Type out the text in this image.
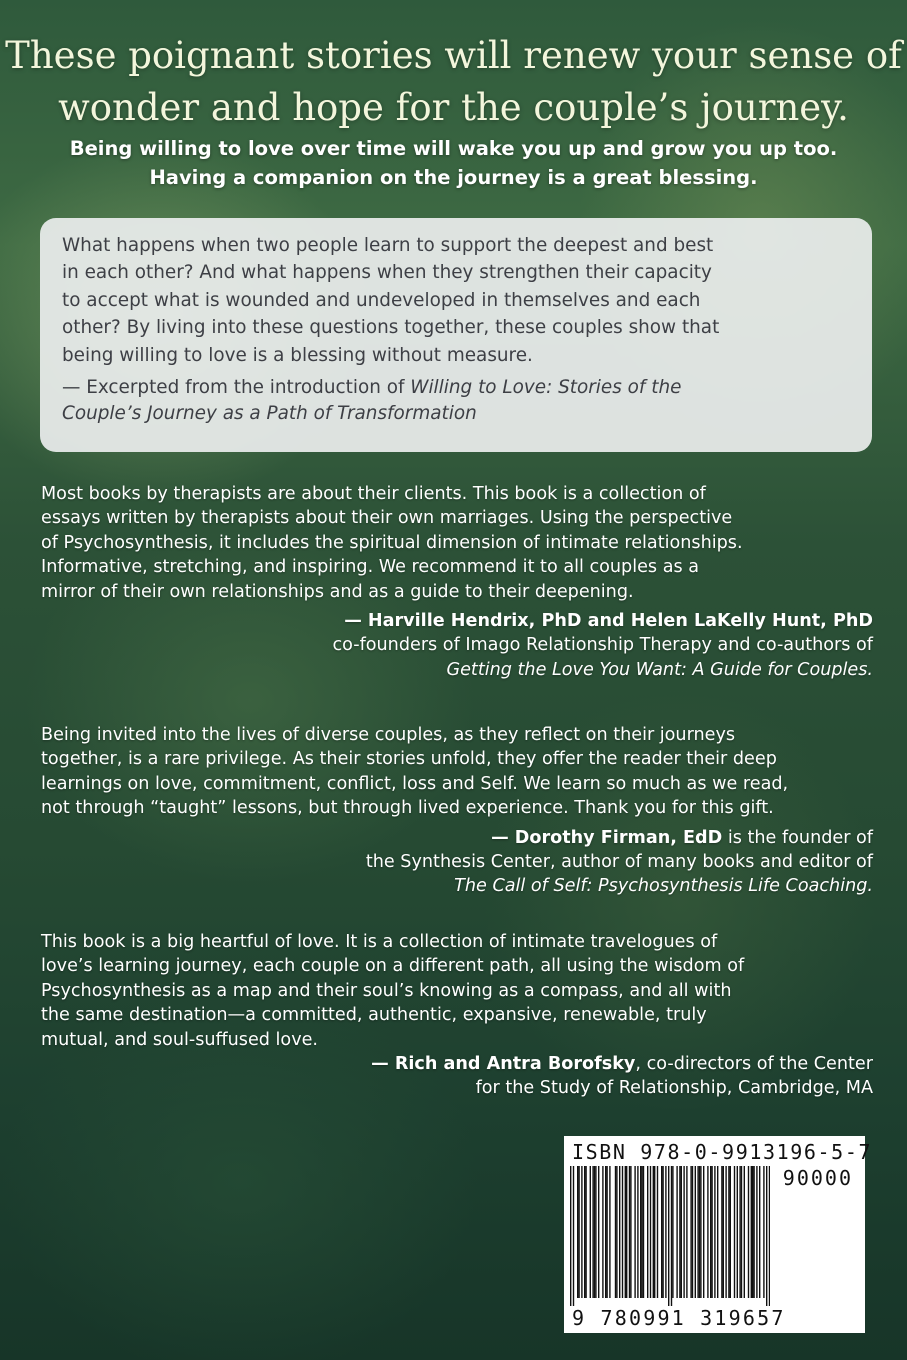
These poignant stories will renew your sense of
wonder and hope for the couple’s journey.
Being willing to love over time will wake you up and grow you up too.
Having a companion on the journey is a great blessing.

What happens when two people learn to support the deepest and best
in each other? And what happens when they strengthen their capacity
to accept what is wounded and undeveloped in themselves and each
other? By living into these questions together, these couples show that
being willing to love is a blessing without measure.

— Excerpted from the introduction of Willing to Love: Stories of the
Couple’s Journey as a Path of Transformation

Most books by therapists are about their clients. This book is a collection of
essays written by therapists about their own marriages. Using the perspective
of Psychosynthesis, it includes the spiritual dimension of intimate relationships.
Informative, stretching, and inspiring. We recommend it to all couples as a
mirror of their own relationships and as a guide to their deepening.

— Harville Hendrix, PhD and Helen LaKelly Hunt, PhD
co-founders of Imago Relationship Therapy and co-authors of
Getting the Love You Want: A Guide for Couples.

Being invited into the lives of diverse couples, as they reflect on their journeys
together, is a rare privilege. As their stories unfold, they offer the reader their deep
learnings on love, commitment, conflict, loss and Self. We learn so much as we read,
not through “taught” lessons, but through lived experience. Thank you for this gift.

— Dorothy Firman, EdD is the founder of
the Synthesis Center, author of many books and editor of
The Call of Self: Psychosynthesis Life Coaching.

This book is a big heartful of love. It is a collection of intimate travelogues of
love’s learning journey, each couple on a different path, all using the wisdom of
Psychosynthesis as a map and their soul’s knowing as a compass, and all with
the same destination—a committed, authentic, expansive, renewable, truly
mutual, and soul-suffused love.

— Rich and Antra Borofsky, co-directors of the Center
for the Study of Relationship, Cambridge, MA

ISBN 978-0-9913196-5-7
90000
9 780991 319657
